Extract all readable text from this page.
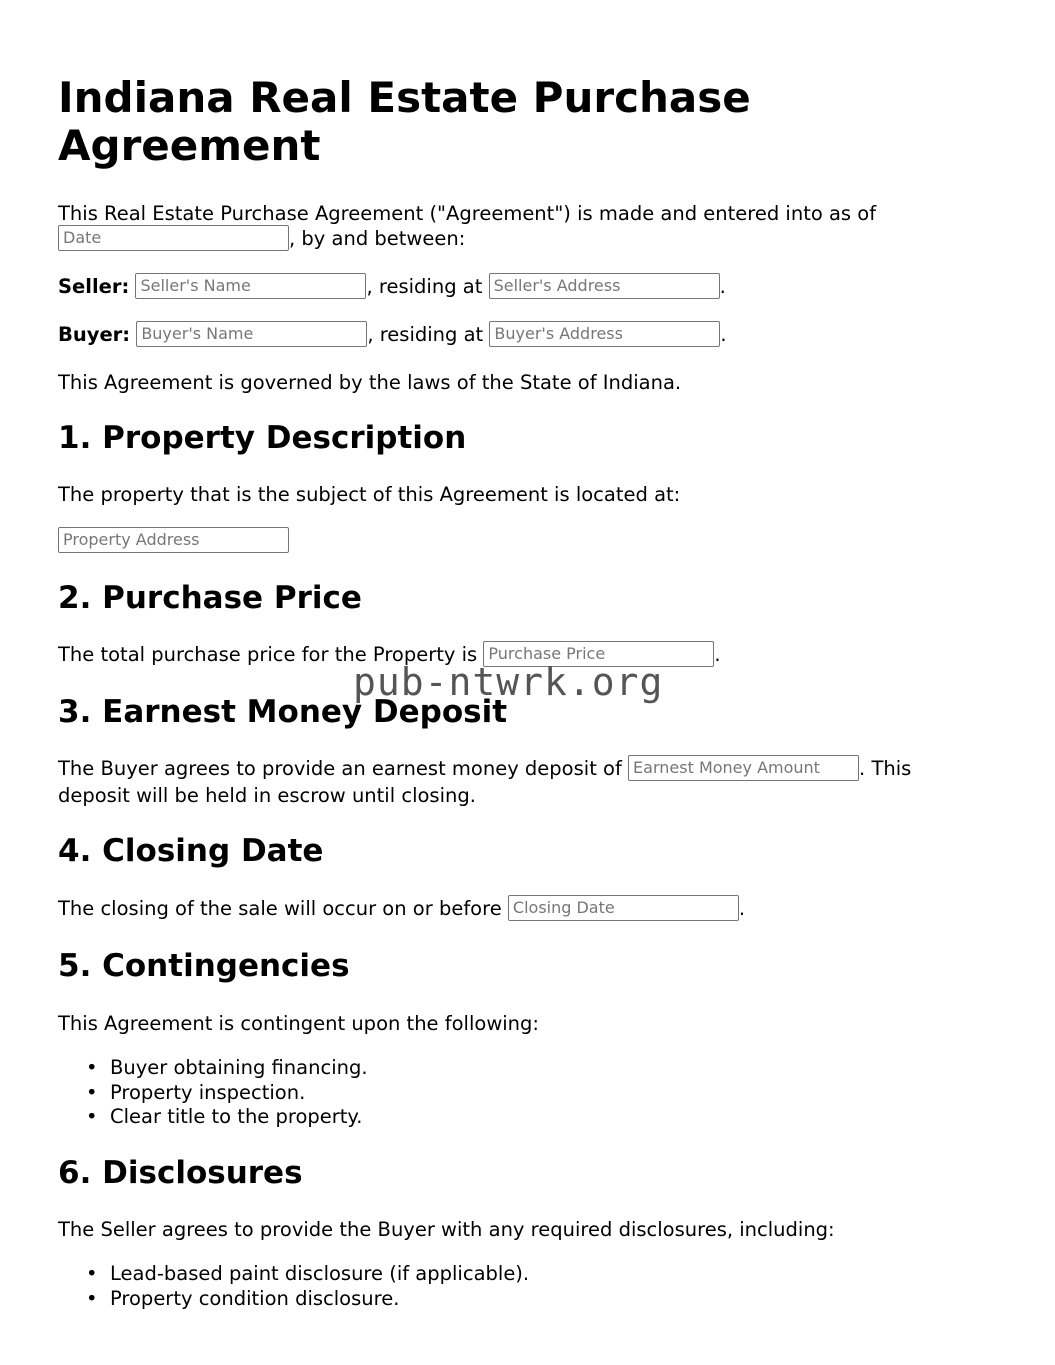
Indiana Real Estate Purchase Agreement

This Real Estate Purchase Agreement ("Agreement") is made and entered into as of

Date, by and between:

Seller: Seller's Name	, residing at Seller's Address	.

Buyer: Buyer's Name	, residing at Buyer's Address	.

This Agreement is governed by the laws of the State of Indiana.

1. Property Description

The property that is the subject of this Agreement is located at:

Property Address

2. Purchase Price

The total purchase price for the Property is Purchase Price	.

3. Earnest Money Deposit

The Buyer agrees to provide an earnest money deposit of Earnest Money Amount	. This

deposit will be held in escrow until closing.

4. Closing Date

The closing of the sale will occur on or before Closing Date	.

5. Contingencies

This Agreement is contingent upon the following:

• Buyer obtaining financing.
• Property inspection.
• Clear title to the property.
6. Disclosures

The Seller agrees to provide the Buyer with any required disclosures, including:

• Lead-based paint disclosure (if applicable).
• Property condition disclosure.
pub-ntwrk.org
